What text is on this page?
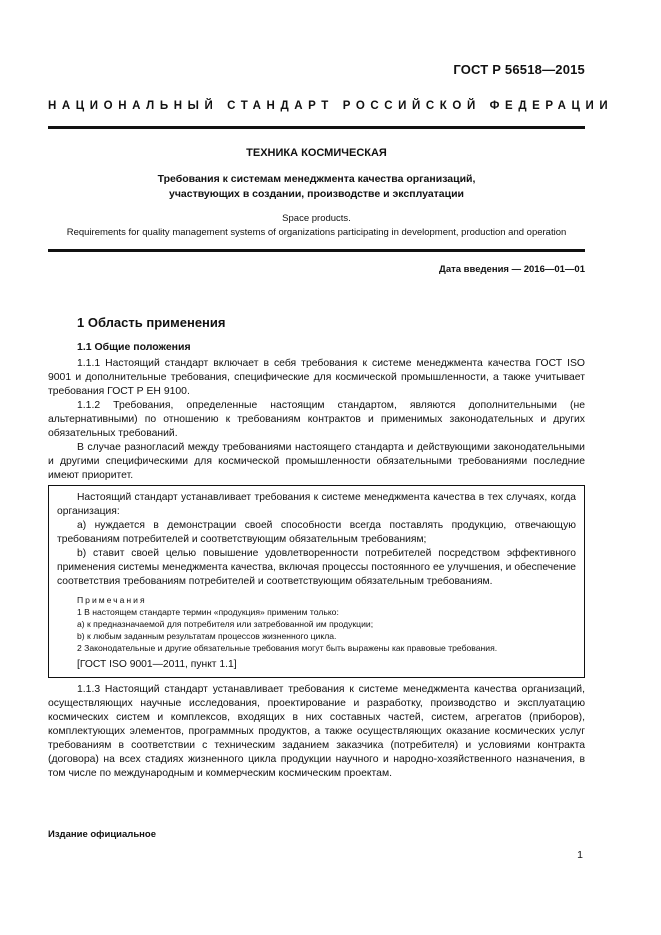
ГОСТ Р 56518—2015
НАЦИОНАЛЬНЫЙ СТАНДАРТ РОССИЙСКОЙ ФЕДЕРАЦИИ
ТЕХНИКА КОСМИЧЕСКАЯ
Требования к системам менеджмента качества организаций,
участвующих в создании, производстве и эксплуатации
Space products.
Requirements for quality management systems of organizations participating in development, production and operation
Дата введения — 2016—01—01
1 Область применения
1.1 Общие положения

1.1.1 Настоящий стандарт включает в себя требования к системе менеджмента качества ГОСТ ISO 9001 и дополнительные требования, специфические для космической промышленности, а также учитывает требования ГОСТ Р ЕН 9100.

1.1.2 Требования, определенные настоящим стандартом, являются дополнительными (не альтернативными) по отношению к требованиям контрактов и применимых законодательных и других обязательных требований.

В случае разногласий между требованиями настоящего стандарта и действующими законодательными и другими специфическими для космической промышленности обязательными требованиями последние имеют приоритет.

Настоящий стандарт устанавливает требования к системе менеджмента качества в тех случаях, когда организация:

a) нуждается в демонстрации своей способности всегда поставлять продукцию, отвечающую требованиям потребителей и соответствующим обязательным требованиям;

b) ставит своей целью повышение удовлетворенности потребителей посредством эффективного применения системы менеджмента качества, включая процессы постоянного ее улучшения, и обеспечение соответствия требованиям потребителей и соответствующим обязательным требованиям.

Примечания
1 В настоящем стандарте термин «продукция» применим только:
a) к предназначаемой для потребителя или затребованной им продукции;
b) к любым заданным результатам процессов жизненного цикла.
2 Законодательные и другие обязательные требования могут быть выражены как правовые требования.
[ГОСТ ISO 9001—2011, пункт 1.1]

1.1.3 Настоящий стандарт устанавливает требования к системе менеджмента качества организаций, осуществляющих научные исследования, проектирование и разработку, производство и эксплуатацию космических систем и комплексов, входящих в них составных частей, систем, агрегатов (приборов), комплектующих элементов, программных продуктов, а также осуществляющих оказание космических услуг требованиям в соответствии с техническим заданием заказчика (потребителя) и условиями контракта (договора) на всех стадиях жизненного цикла продукции научного и народно-хозяйственного назначения, в том числе по международным и коммерческим космическим проектам.

Издание официальное
1
